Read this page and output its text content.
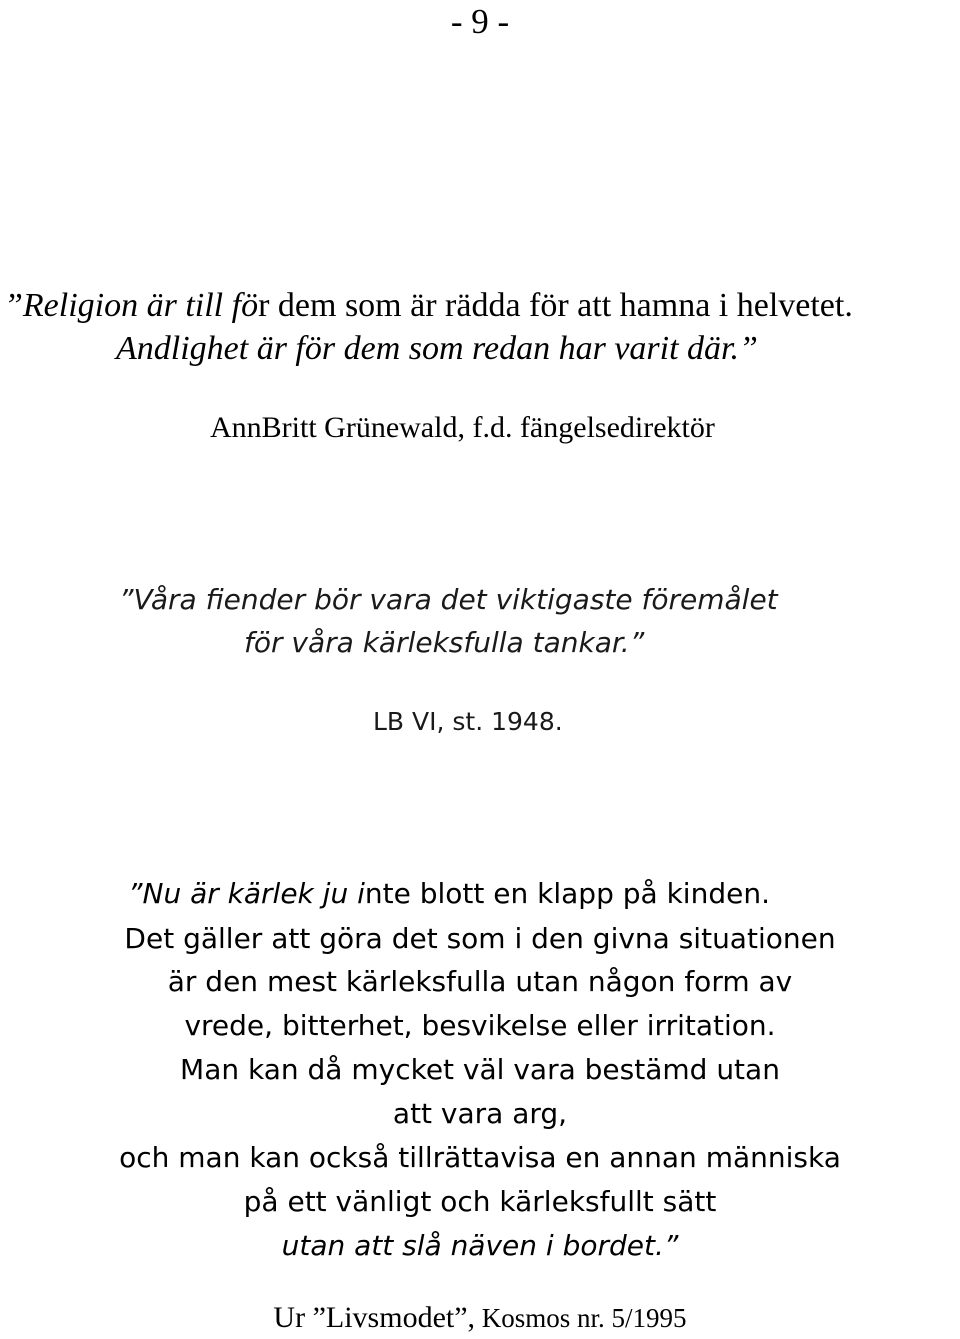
- 9 -
”Religion är till för dem som är rädda för att hamna i helvetet.
Andlighet är för dem som redan har varit där.”
AnnBritt Grünewald, f.d. fängelsedirektör
”Våra fiender bör vara det viktigaste föremålet
för våra kärleksfulla tankar.”
LB VI, st. 1948.
”Nu är kärlek ju inte blott en klapp på kinden.
Det gäller att göra det som i den givna situationen
är den mest kärleksfulla utan någon form av
vrede, bitterhet, besvikelse eller irritation.
Man kan då mycket väl vara bestämd utan
att vara arg,
och man kan också tillrättavisa en annan människa
på ett vänligt och kärleksfullt sätt
utan att slå näven i bordet.”
Ur ”Livsmodet”, Kosmos nr. 5/1995
